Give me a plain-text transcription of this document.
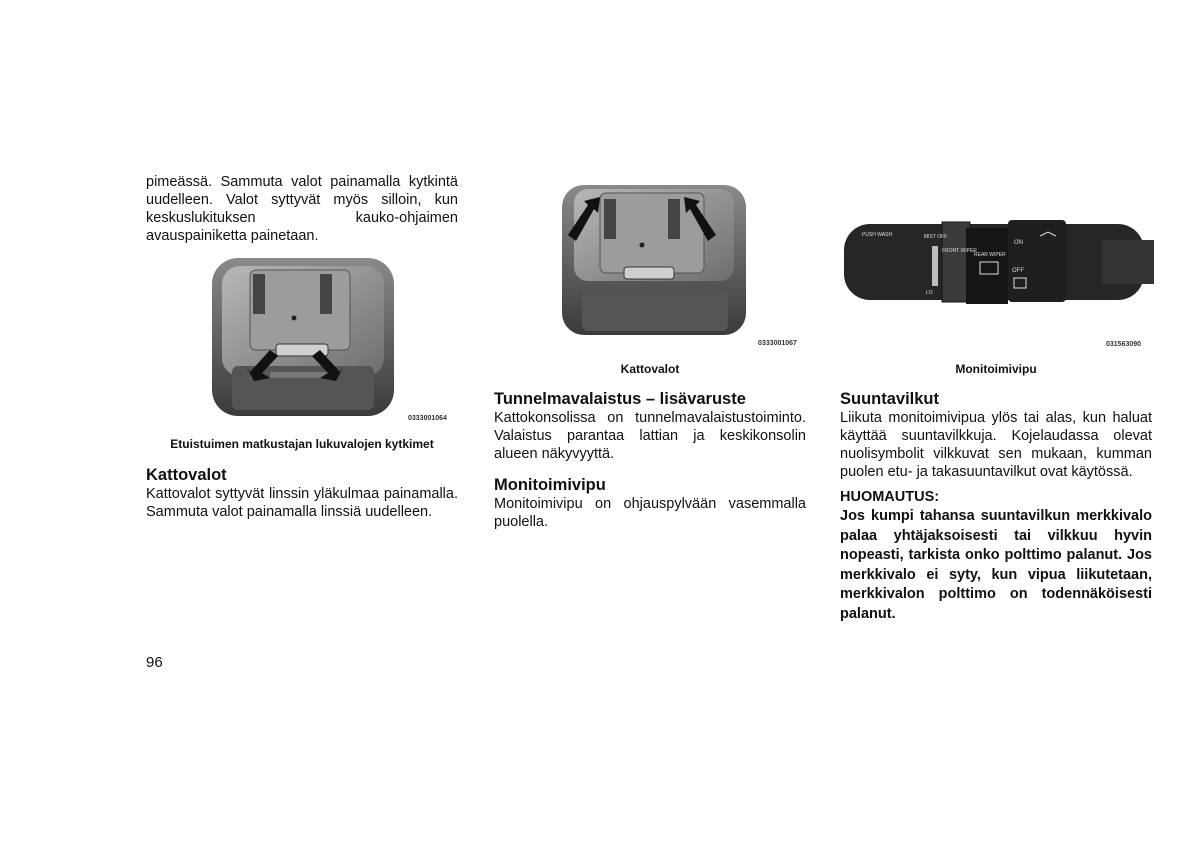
pimeässä. Sammuta valot painamalla kytkintä uudelleen. Valot syttyvät myös silloin, kun keskuslukituksen kauko-ohjaimen avauspainiketta painetaan.

0333001064

Etuistuimen matkustajan lukuvalojen kytkimet

Kattovalot

Kattovalot syttyvät linssin yläkulmaa painamalla. Sammuta valot painamalla linssiä uudelleen.

0333001067

Kattovalot

Tunnelmavalaistus – lisävaruste

Kattokonsolissa on tunnelmavalaistustoiminto. Valaistus parantaa lattian ja keskikonsolin alueen näkyvyyttä.

Monitoimivipu

Monitoimivipu on ohjauspylvään vasemmalla puolella.

PUSH WASH	MIST OFF
FRONT WIPER
REAR WIPER
ON
OFF
LO
031563090

Monitoimivipu

Suuntavilkut

Liikuta monitoimivipua ylös tai alas, kun haluat käyttää suuntavilkkuja. Kojelaudassa olevat nuolisymbolit vilkkuvat sen mukaan, kumman puolen etu- ja takasuuntavilkut ovat käytössä.

HUOMAUTUS:

Jos kumpi tahansa suuntavilkun merkkivalo palaa yhtäjaksoisesti tai vilkkuu hyvin nopeasti, tarkista onko polttimo palanut. Jos merkkivalo ei syty, kun vipua liikutetaan, merkkivalon polttimo on todennäköisesti palanut.

96
